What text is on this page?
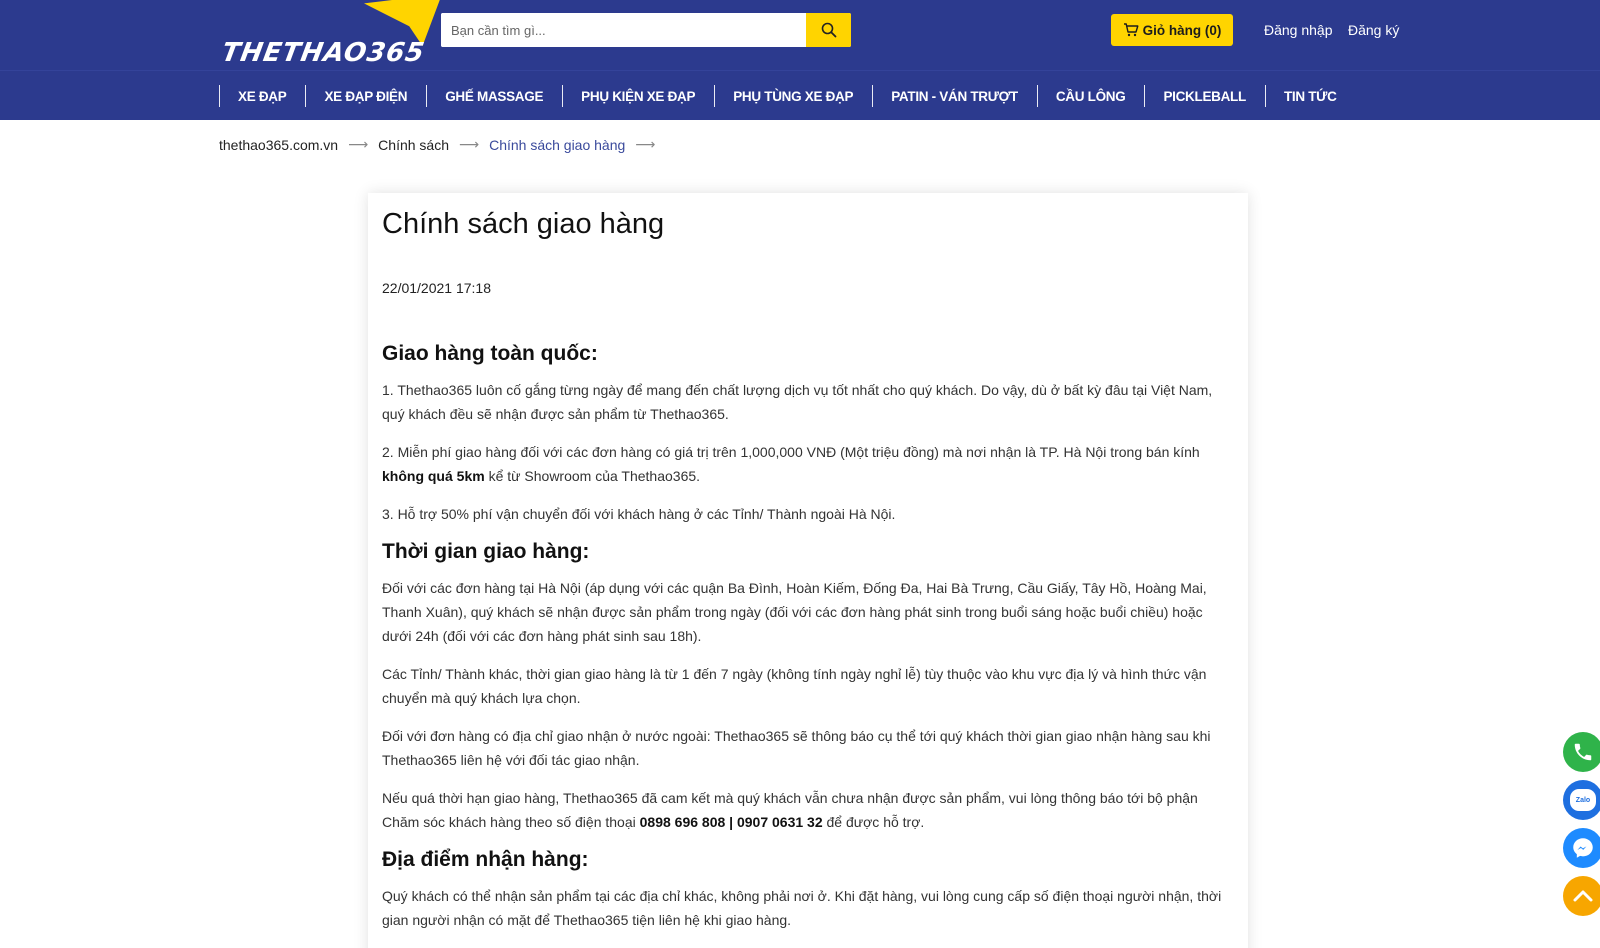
THETHAO365
Bạn cần tìm gì...
Giỏ hàng (0)	Đăng nhập Đăng ký
XE ĐẠP	XE ĐẠP ĐIỆN	GHẾ MASSAGE	PHỤ KIỆN XE ĐẠP	PHỤ TÙNG XE ĐẠP	PATIN - VÁN TRƯỢT	CẦU LÔNG	PICKLEBALL	TIN TỨC
thethao365.com.vn ⟶ Chính sách ⟶ Chính sách giao hàng ⟶
Chính sách giao hàng
22/01/2021 17:18
Giao hàng toàn quốc:

1. Thethao365 luôn cố gắng từng ngày để mang đến chất lượng dịch vụ tốt nhất cho quý khách. Do vậy, dù ở bất kỳ đâu tại Việt Nam, quý khách đều sẽ nhận được sản phẩm từ Thethao365.

2. Miễn phí giao hàng đối với các đơn hàng có giá trị trên 1,000,000 VNĐ (Một triệu đồng) mà nơi nhận là TP. Hà Nội trong bán kính không quá 5km kể từ Showroom của Thethao365.

3. Hỗ trợ 50% phí vận chuyển đối với khách hàng ở các Tỉnh/ Thành ngoài Hà Nội.

Thời gian giao hàng:

Đối với các đơn hàng tại Hà Nội (áp dụng với các quận Ba Đình, Hoàn Kiếm, Đống Đa, Hai Bà Trưng, Cầu Giấy, Tây Hồ, Hoàng Mai, Thanh Xuân), quý khách sẽ nhận được sản phẩm trong ngày (đối với các đơn hàng phát sinh trong buổi sáng hoặc buổi chiều) hoặc dưới 24h (đối với các đơn hàng phát sinh sau 18h).

Các Tỉnh/ Thành khác, thời gian giao hàng là từ 1 đến 7 ngày (không tính ngày nghỉ lễ) tùy thuộc vào khu vực địa lý và hình thức vận chuyển mà quý khách lựa chọn.

Đối với đơn hàng có địa chỉ giao nhận ở nước ngoài: Thethao365 sẽ thông báo cụ thể tới quý khách thời gian giao nhận hàng sau khi Thethao365 liên hệ với đối tác giao nhận.

Nếu quá thời hạn giao hàng, Thethao365 đã cam kết mà quý khách vẫn chưa nhận được sản phẩm, vui lòng thông báo tới bộ phận Chăm sóc khách hàng theo số điện thoại 0898 696 808 | 0907 0631 32 để được hỗ trợ.

Địa điểm nhận hàng:

Quý khách có thể nhận sản phẩm tại các địa chỉ khác, không phải nơi ở. Khi đặt hàng, vui lòng cung cấp số điện thoại người nhận, thời gian người nhận có mặt để Thethao365 tiện liên hệ khi giao hàng.

Zalo
